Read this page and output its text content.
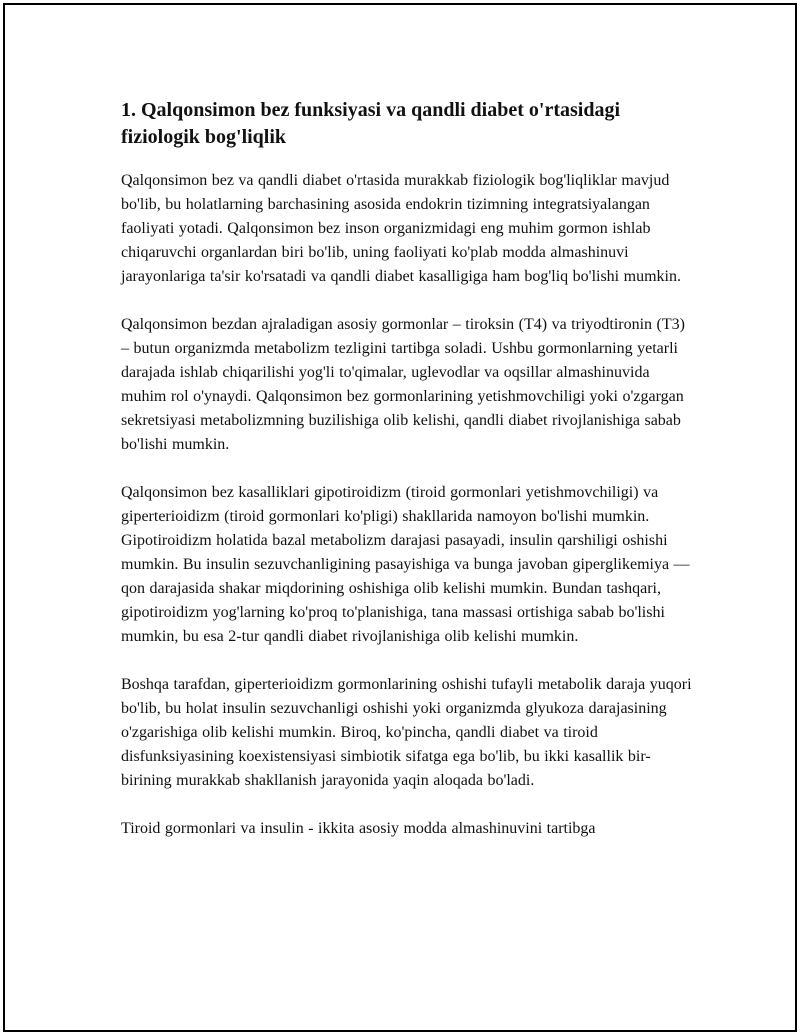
1. Qalqonsimon bez funksiyasi va qandli diabet o'rtasidagi fiziologik bog'liqlik

Qalqonsimon bez va qandli diabet o'rtasida murakkab fiziologik bog'liqliklar mavjud bo'lib, bu holatlarning barchasining asosida endokrin tizimning integratsiyalangan faoliyati yotadi. Qalqonsimon bez inson organizmidagi eng muhim gormon ishlab chiqaruvchi organlardan biri bo'lib, uning faoliyati ko'plab modda almashinuvi jarayonlariga ta'sir ko'rsatadi va qandli diabet kasalligiga ham bog'liq bo'lishi mumkin.

Qalqonsimon bezdan ajraladigan asosiy gormonlar – tiroksin (T4) va triyodtironin (T3) – butun organizmda metabolizm tezligini tartibga soladi. Ushbu gormonlarning yetarli darajada ishlab chiqarilishi yog'li to'qimalar, uglevodlar va oqsillar almashinuvida muhim rol o'ynaydi. Qalqonsimon bez gormonlarining yetishmovchiligi yoki o'zgargan sekretsiyasi metabolizmning buzilishiga olib kelishi, qandli diabet rivojlanishiga sabab bo'lishi mumkin.

Qalqonsimon bez kasalliklari gipotiroidizm (tiroid gormonlari yetishmovchiligi) va giperterioidizm (tiroid gormonlari ko'pligi) shakllarida namoyon bo'lishi mumkin. Gipotiroidizm holatida bazal metabolizm darajasi pasayadi, insulin qarshiligi oshishi mumkin. Bu insulin sezuvchanligining pasayishiga va bunga javoban giperglikemiya — qon darajasida shakar miqdorining oshishiga olib kelishi mumkin. Bundan tashqari, gipotiroidizm yog'larning ko'proq to'planishiga, tana massasi ortishiga sabab bo'lishi mumkin, bu esa 2-tur qandli diabet rivojlanishiga olib kelishi mumkin.

Boshqa tarafdan, giperterioidizm gormonlarining oshishi tufayli metabolik daraja yuqori bo'lib, bu holat insulin sezuvchanligi oshishi yoki organizmda glyukoza darajasining o'zgarishiga olib kelishi mumkin. Biroq, ko'pincha, qandli diabet va tiroid disfunksiyasining koexistensiyasi simbiotik sifatga ega bo'lib, bu ikki kasallik bir-birining murakkab shakllanish jarayonida yaqin aloqada bo'ladi.

Tiroid gormonlari va insulin - ikkita asosiy modda almashinuvini tartibga
